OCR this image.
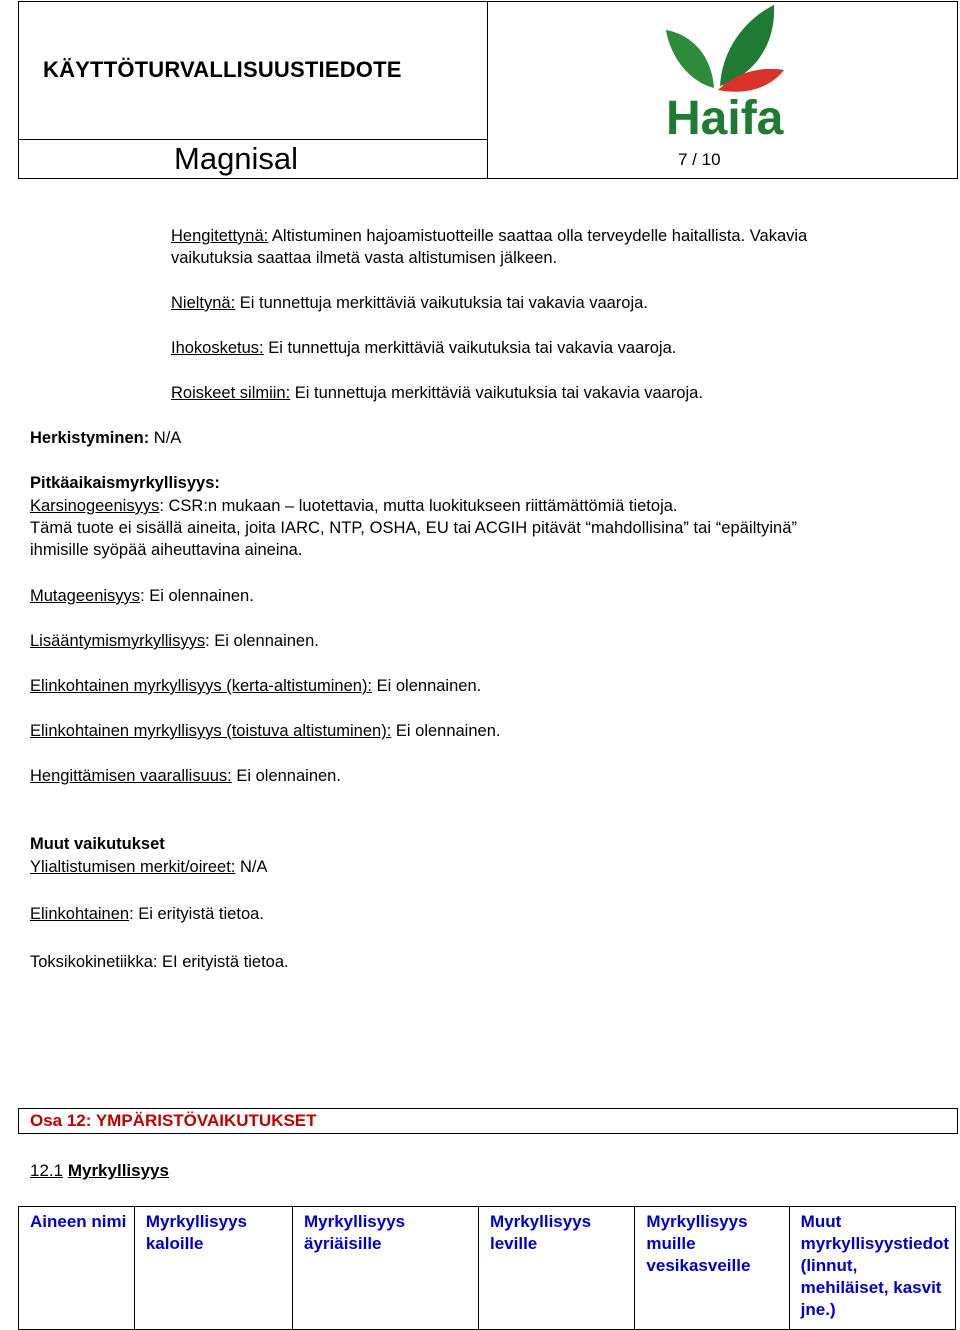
KÄYTTÖTURVALLISUUSTIEDOTE
Magnisal	7 / 10
Haifa
Hengitettynä: Altistuminen hajoamistuotteille saattaa olla terveydelle haitallista. Vakavia
vaikutuksia saattaa ilmetä vasta altistumisen jälkeen.
Nieltynä: Ei tunnettuja merkittäviä vaikutuksia tai vakavia vaaroja.
Ihokosketus: Ei tunnettuja merkittäviä vaikutuksia tai vakavia vaaroja.
Roiskeet silmiin: Ei tunnettuja merkittäviä vaikutuksia tai vakavia vaaroja.
Herkistyminen: N/A
Pitkäaikaismyrkyllisyys:
Karsinogeenisyys: CSR:n mukaan – luotettavia, mutta luokitukseen riittämättömiä tietoja.
Tämä tuote ei sisällä aineita, joita IARC, NTP, OSHA, EU tai ACGIH pitävät “mahdollisina” tai “epäiltyinä”
ihmisille syöpää aiheuttavina aineina.
Mutageenisyys: Ei olennainen.
Lisääntymismyrkyllisyys: Ei olennainen.
Elinkohtainen myrkyllisyys (kerta-altistuminen): Ei olennainen.
Elinkohtainen myrkyllisyys (toistuva altistuminen): Ei olennainen.
Hengittämisen vaarallisuus: Ei olennainen.
Muut vaikutukset
Ylialtistumisen merkit/oireet: N/A
Elinkohtainen: Ei erityistä tietoa.
Toksikokinetiikka: EI erityistä tietoa.
Osa 12: YMPÄRISTÖVAIKUTUKSET
12.1 Myrkyllisyys
Aineen nimi	Myrkyllisyys kaloille	Myrkyllisyys äyriäisille	Myrkyllisyys leville	Myrkyllisyys muille vesikasveille	Muut myrkyllisyystiedot (linnut, mehiläiset, kasvit jne.)
